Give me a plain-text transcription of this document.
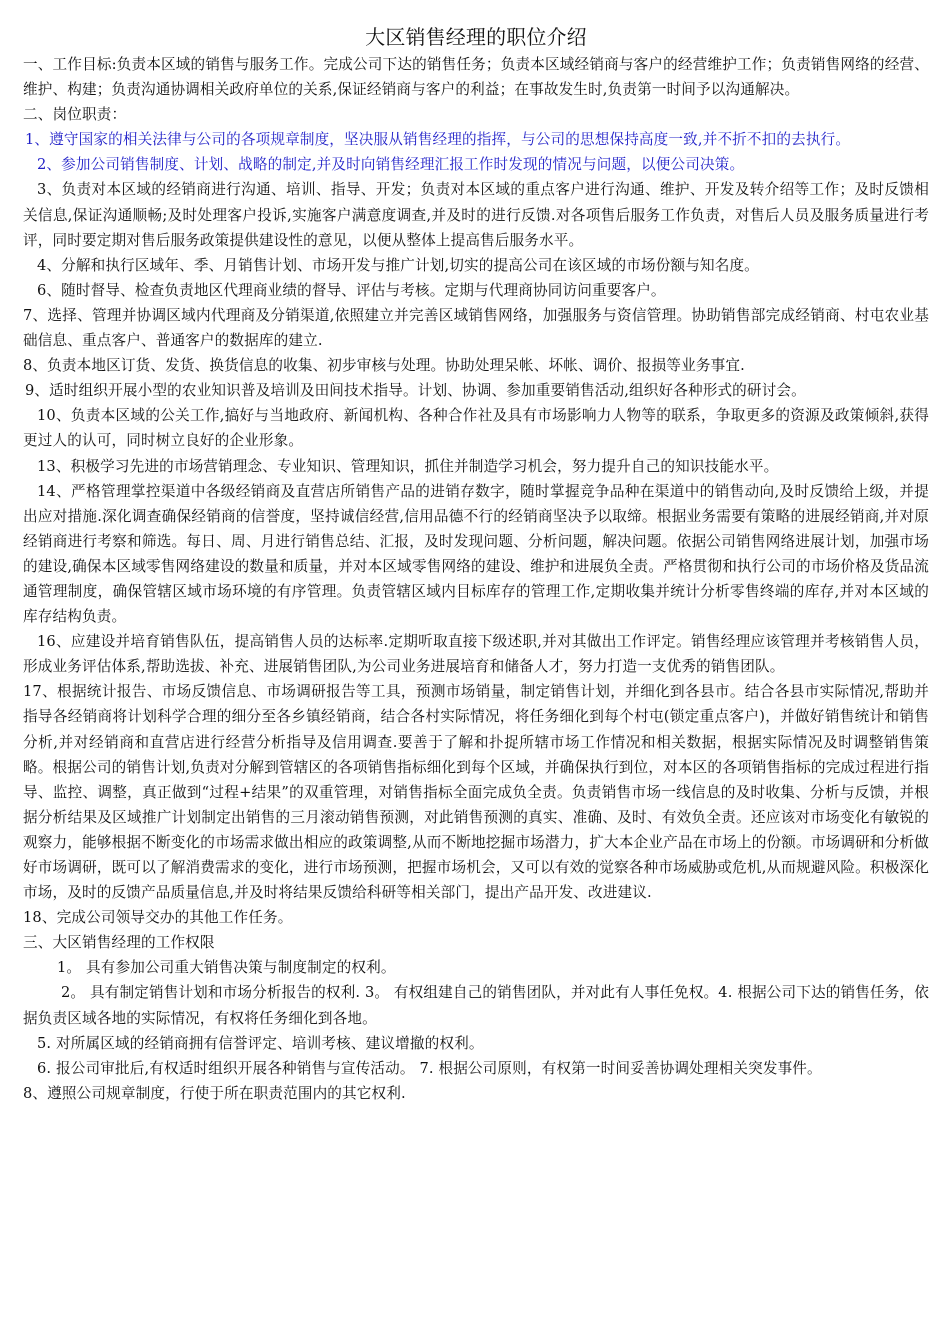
大区销售经理的职位介绍

一、工作目标:负责本区域的销售与服务工作。完成公司下达的销售任务；负责本区域经销商与客户的经营维护工作；负责销售网络的经营、维护、构建；负责沟通协调相关政府单位的关系,保证经销商与客户的利益；在事故发生时,负责第一时间予以沟通解决。

二、岗位职责：

1、遵守国家的相关法律与公司的各项规章制度，坚决服从销售经理的指挥，与公司的思想保持高度一致,并不折不扣的去执行。

2、参加公司销售制度、计划、战略的制定,并及时向销售经理汇报工作时发现的情况与问题，以便公司决策。

3、负责对本区域的经销商进行沟通、培训、指导、开发；负责对本区域的重点客户进行沟通、维护、开发及转介绍等工作；及时反馈相关信息,保证沟通顺畅;及时处理客户投诉,实施客户满意度调查,并及时的进行反馈.对各项售后服务工作负责，对售后人员及服务质量进行考评，同时要定期对售后服务政策提供建设性的意见，以便从整体上提高售后服务水平。

4、分解和执行区域年、季、月销售计划、市场开发与推广计划,切实的提高公司在该区域的市场份额与知名度。

6、随时督导、检查负责地区代理商业绩的督导、评估与考核。定期与代理商协同访问重要客户。

7、选择、管理并协调区域内代理商及分销渠道,依照建立并完善区域销售网络，加强服务与资信管理。协助销售部完成经销商、村屯农业基础信息、重点客户、普通客户的数据库的建立.

8、负责本地区订货、发货、换货信息的收集、初步审核与处理。协助处理呆帐、坏帐、调价、报损等业务事宜.

9、适时组织开展小型的农业知识普及培训及田间技术指导。计划、协调、参加重要销售活动,组织好各种形式的研讨会。

10、负责本区域的公关工作,搞好与当地政府、新闻机构、各种合作社及具有市场影响力人物等的联系，争取更多的资源及政策倾斜,获得更过人的认可，同时树立良好的企业形象。

13、积极学习先进的市场营销理念、专业知识、管理知识，抓住并制造学习机会，努力提升自己的知识技能水平。

14、严格管理掌控渠道中各级经销商及直营店所销售产品的进销存数字，随时掌握竞争品种在渠道中的销售动向,及时反馈给上级，并提出应对措施.深化调查确保经销商的信誉度，坚持诚信经营,信用品德不行的经销商坚决予以取缔。根据业务需要有策略的进展经销商,并对原经销商进行考察和筛选。每日、周、月进行销售总结、汇报，及时发现问题、分析问题，解决问题。依据公司销售网络进展计划，加强市场的建设,确保本区域零售网络建设的数量和质量，并对本区域零售网络的建设、维护和进展负全责。严格贯彻和执行公司的市场价格及货品流通管理制度，确保管辖区域市场环境的有序管理。负责管辖区域内目标库存的管理工作,定期收集并统计分析零售终端的库存,并对本区域的库存结构负责。

16、应建设并培育销售队伍，提高销售人员的达标率.定期听取直接下级述职,并对其做出工作评定。销售经理应该管理并考核销售人员，形成业务评估体系,帮助选拔、补充、进展销售团队,为公司业务进展培育和储备人才，努力打造一支优秀的销售团队。

17、根据统计报告、市场反馈信息、市场调研报告等工具，预测市场销量，制定销售计划，并细化到各县市。结合各县市实际情况,帮助并指导各经销商将计划科学合理的细分至各乡镇经销商，结合各村实际情况，将任务细化到每个村屯(锁定重点客户)，并做好销售统计和销售分析,并对经销商和直营店进行经营分析指导及信用调查.要善于了解和扑捉所辖市场工作情况和相关数据，根据实际情况及时调整销售策略。根据公司的销售计划,负责对分解到管辖区的各项销售指标细化到每个区域，并确保执行到位，对本区的各项销售指标的完成过程进行指导、监控、调整，真正做到“过程+结果”的双重管理，对销售指标全面完成负全责。负责销售市场一线信息的及时收集、分析与反馈，并根据分析结果及区域推广计划制定出销售的三月滚动销售预测，对此销售预测的真实、准确、及时、有效负全责。还应该对市场变化有敏锐的观察力，能够根据不断变化的市场需求做出相应的政策调整,从而不断地挖掘市场潜力，扩大本企业产品在市场上的份额。市场调研和分析做好市场调研，既可以了解消费需求的变化，进行市场预测，把握市场机会，又可以有效的觉察各种市场威胁或危机,从而规避风险。积极深化市场，及时的反馈产品质量信息,并及时将结果反馈给科研等相关部门，提出产品开发、改进建议.

18、完成公司领导交办的其他工作任务。

三、大区销售经理的工作权限

1。 具有参加公司重大销售决策与制度制定的权利。

2。 具有制定销售计划和市场分析报告的权利. 3。 有权组建自己的销售团队，并对此有人事任免权。4. 根据公司下达的销售任务，依据负责区域各地的实际情况，有权将任务细化到各地。

5. 对所属区域的经销商拥有信誉评定、培训考核、建议增撤的权利。

6. 报公司审批后,有权适时组织开展各种销售与宣传活动。 7. 根据公司原则，有权第一时间妥善协调处理相关突发事件。

8、遵照公司规章制度，行使于所在职责范围内的其它权利.
